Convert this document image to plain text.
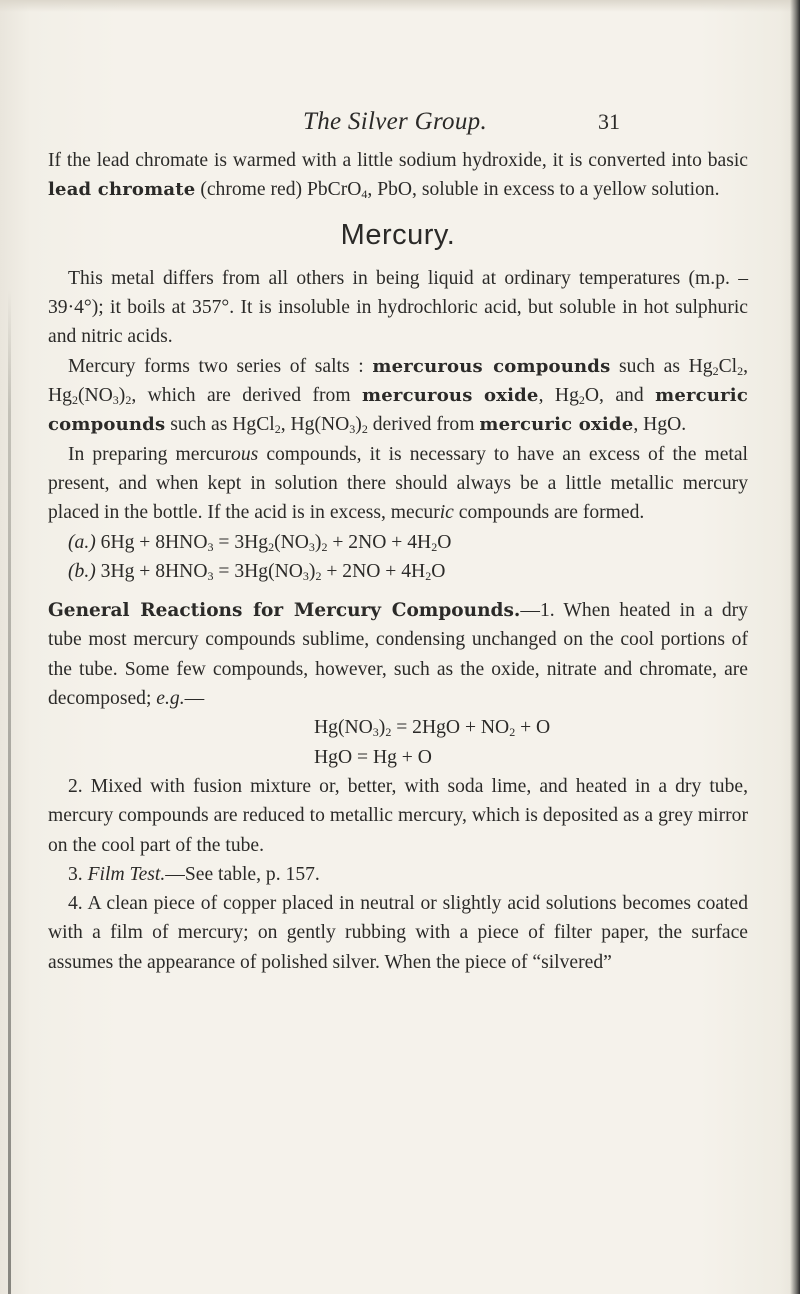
The Silver Group.	31

If the lead chromate is warmed with a little sodium hydroxide, it is converted into basic lead chromate (chrome red) PbCrO$_4$, PbO, soluble in excess to a yellow solution.

Mercury.

This metal differs from all others in being liquid at ordinary temperatures (m.p. – 39·4°); it boils at 357°. It is insoluble in hydrochloric acid, but soluble in hot sulphuric and nitric acids.

Mercury forms two series of salts : mercurous compounds such as $Hg_2Cl_2$, $Hg_2(NO_3)_2$, which are derived from mercurous oxide, $Hg_2O$, and mercuric compounds such as HgCl$_2$, $Hg(NO_3)_2$ derived from mercuric oxide, HgO.

In preparing mercurous compounds, it is necessary to have an excess of the metal present, and when kept in solution there should always be a little metallic mercury placed in the bottle. If the acid is in excess, mecuric compounds are formed.

(a.) $6Hg + 8HNO_3 = 3Hg_2(NO_3)_2 + 2NO + 4H_2O$

(b.) $3Hg + 8HNO_3 = 3Hg(NO_3)_2 + 2NO + 4H_2O$

General Reactions for Mercury Compounds.—1. When heated in a dry tube most mercury compounds sublime, condensing unchanged on the cool portions of the tube. Some few compounds, however, such as the oxide, nitrate and chromate, are decomposed; e.g.—

$Hg(NO_3)_2 = 2HgO + NO_2 + O$

HgO = Hg + O

2. Mixed with fusion mixture or, better, with soda lime, and heated in a dry tube, mercury compounds are reduced to metallic mercury, which is deposited as a grey mirror on the cool part of the tube.

3. Film Test.—See table, p. 157.

4. A clean piece of copper placed in neutral or slightly acid solutions becomes coated with a film of mercury; on gently rubbing with a piece of filter paper, the surface assumes the appearance of polished silver. When the piece of “silvered”
